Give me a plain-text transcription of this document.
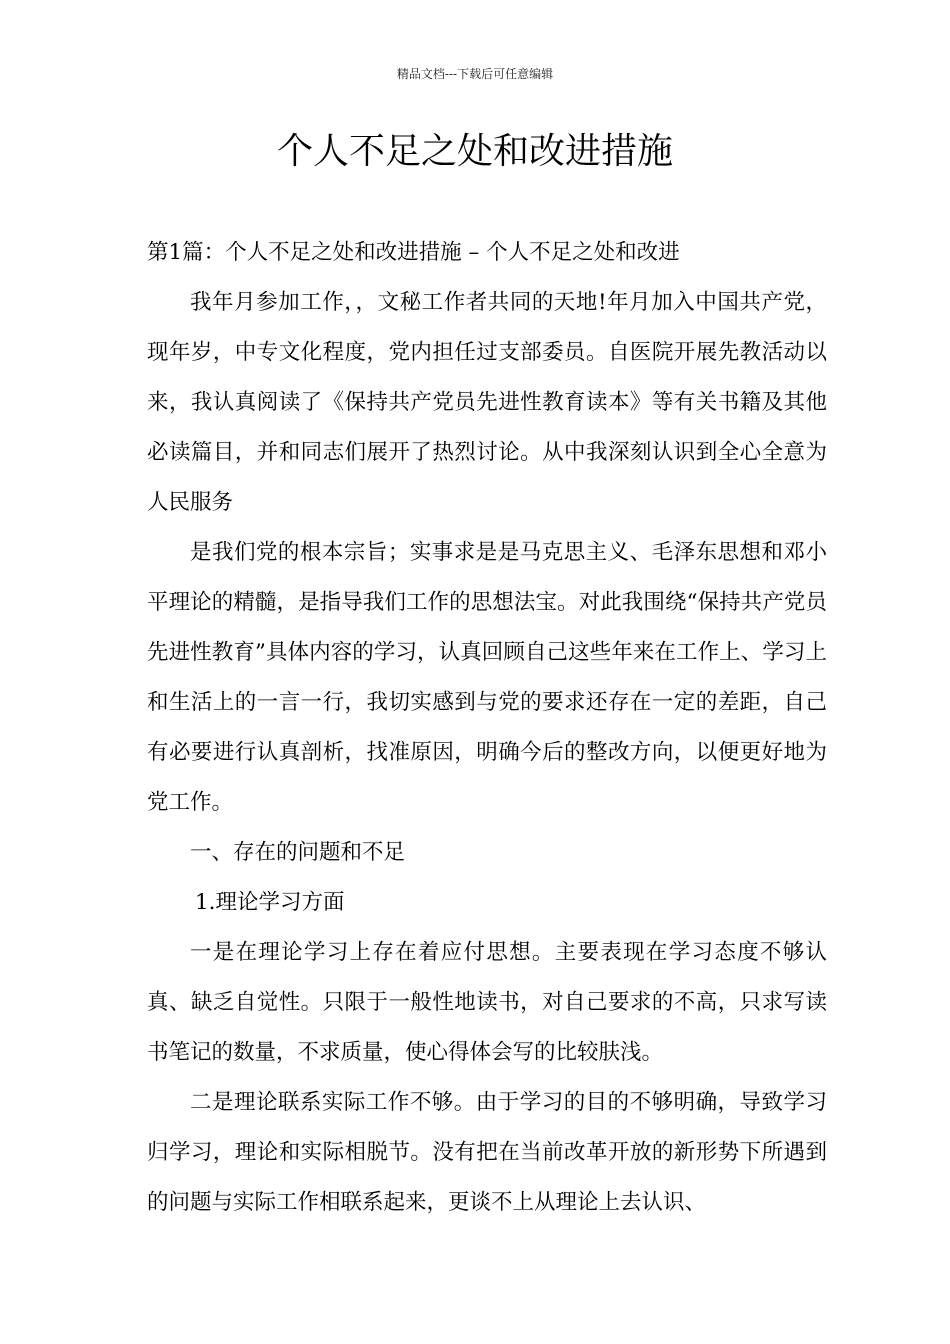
精品文档---下载后可任意编辑
个人不足之处和改进措施

第1篇：个人不足之处和改进措施 – 个人不足之处和改进

我年月参加工作，，文秘工作者共同的天地!年月加入中国共产党，现年岁，中专文化程度，党内担任过支部委员。自医院开展先教活动以来，我认真阅读了《保持共产党员先进性教育读本》等有关书籍及其他必读篇目，并和同志们展开了热烈讨论。从中我深刻认识到全心全意为人民服务

是我们党的根本宗旨；实事求是是马克思主义、毛泽东思想和邓小平理论的精髓，是指导我们工作的思想法宝。对此我围绕“保持共产党员先进性教育”具体内容的学习，认真回顾自己这些年来在工作上、学习上和生活上的一言一行，我切实感到与党的要求还存在一定的差距，自己有必要进行认真剖析，找准原因，明确今后的整改方向，以便更好地为党工作。

一、存在的问题和不足

1.理论学习方面

一是在理论学习上存在着应付思想。主要表现在学习态度不够认真、缺乏自觉性。只限于一般性地读书，对自己要求的不高，只求写读书笔记的数量，不求质量，使心得体会写的比较肤浅。

二是理论联系实际工作不够。由于学习的目的不够明确，导致学习归学习，理论和实际相脱节。没有把在当前改革开放的新形势下所遇到的问题与实际工作相联系起来，更谈不上从理论上去认识、
